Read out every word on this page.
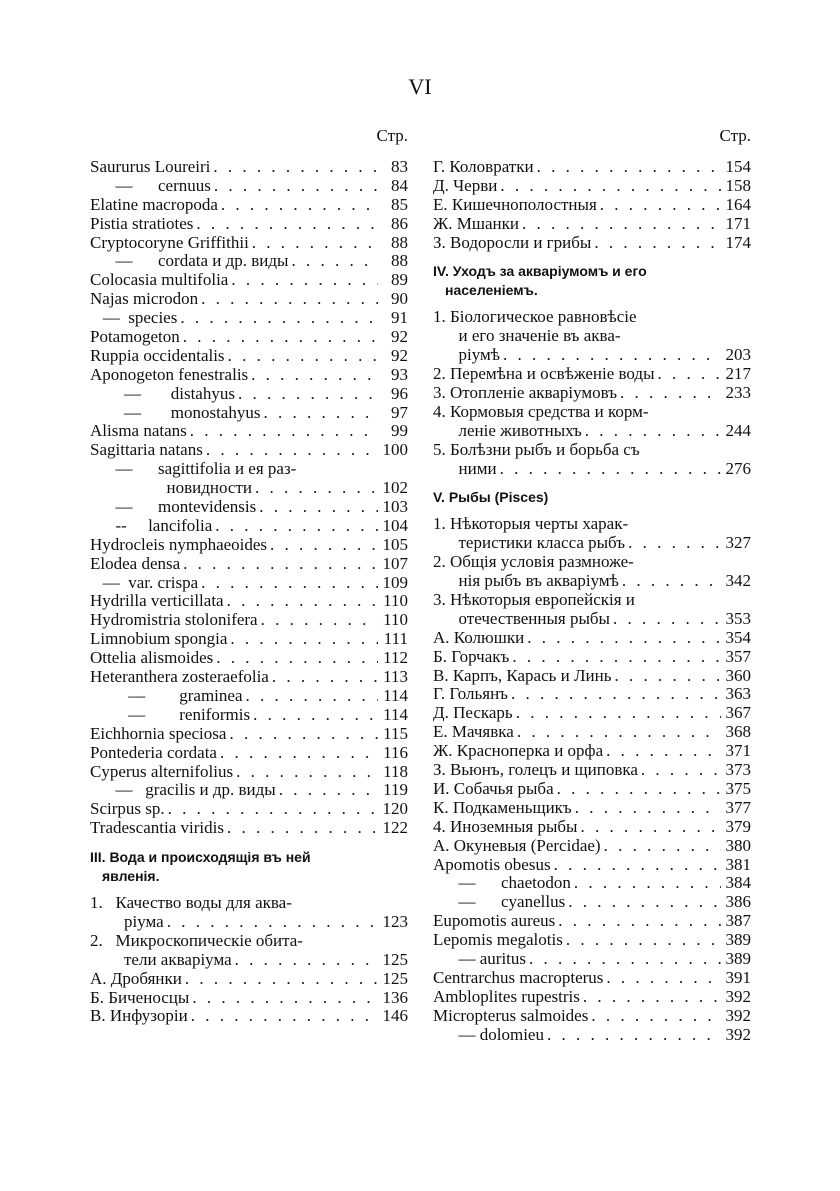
VI
Стр.
Saururus Loureiri . . .	83
— cernuus . . .	84
Elatine macropoda . . .	85
Pistia stratiotes . . .	86
Cryptocoryne Griffithii . . .	88
— cordata и др. виды . . .	88
Colocasia multifolia . . .	89
Najas microdon . . .	90
— species . . .	91
Potamogeton . . .	92
Ruppia occidentalis . . .	92
Aponogeton fenestralis . . .	93
— distahyus . . .	96
— monostahyus . . .	97
Alisma natans . . .	99
Sagittaria natans . . .	100
— sagittifolia и ея раз-

новидности . . .	102
— montevidensis . . .	103
-- lancifolia . . .	104
Hydrocleis nymphaeoides . . .	105
Elodea densa . . .	107
— var. crispa . . .	109
Hydrilla verticillata . . .	110
Hydromistria stolonifera . . .	110
Limnobium spongia . . .	111
Ottelia alismoides . . .	112
Heteranthera zosteraefolia . . .	113
— graminea . . .	114
— reniformis . . .	114
Eichhornia speciosa . . .	115
Pontederia cordata . . .	116
Cyperus alternifolius . . .	118
— gracilis и др. виды . . .	119
Scirpus sp. . . .	120
Tradescantia viridis . . .	122
III. Вода и происходящія въ ней
явленія.
1. Качество воды для аква-

ріума . . .	123
2. Микроскопическіе обита-

тели акваріума . . .	125
А. Дробянки . . .	125
Б. Биченосцы . . .	136
В. Инфузоріи . . .	146
Стр.
Г. Коловратки . . .	154
Д. Черви . . .	158
Е. Кишечнополостныя . . .	164
Ж. Мшанки . . .	171
З. Водоросли и грибы . . .	174
IV. Уходъ за акваріумомъ и его
населеніемъ.
1. Біологическое равновѣсіе

и его значеніе въ аква-

ріумѣ . . .	203
2. Перемѣна и освѣженіе воды . . .	217
3. Отопленіе акваріумовъ . . .	233
4. Кормовыя средства и корм-

леніе животныхъ . . .	244
5. Болѣзни рыбъ и борьба съ

ними . . .	276
V. Рыбы (Pisces)
1. Нѣкоторыя черты харак-

теристики класса рыбъ . . .	327
2. Общія условія размноже-

нія рыбъ въ акваріумѣ . . .	342
3. Нѣкоторыя европейскія и

отечественныя рыбы . . .	353
А. Колюшки . . .	354
Б. Горчакъ . . .	357
В. Карпъ, Карась и Линь . . .	360
Г. Гольянъ . . .	363
Д. Пескарь . . .	367
Е. Мачявка . . .	368
Ж. Красноперка и орфа . . .	371
З. Вьюнъ, голецъ и щиповка . . .	373
И. Собачья рыба . . .	375
К. Подкаменьщикъ . . .	377
4. Иноземныя рыбы . . .	379
А. Окуневыя (Percidae) . . .	380
Apomotis obesus . . .	381
— chaetodon . . .	384
— cyanellus . . .	386
Eupomotis aureus . . .	387
Lepomis megalotis . . .	389
— auritus . . .	389
Centrarchus macropterus . . .	391
Ambloplites rupestris . . .	392
Micropterus salmoides . . .	392
— dolomieu . . .	392
